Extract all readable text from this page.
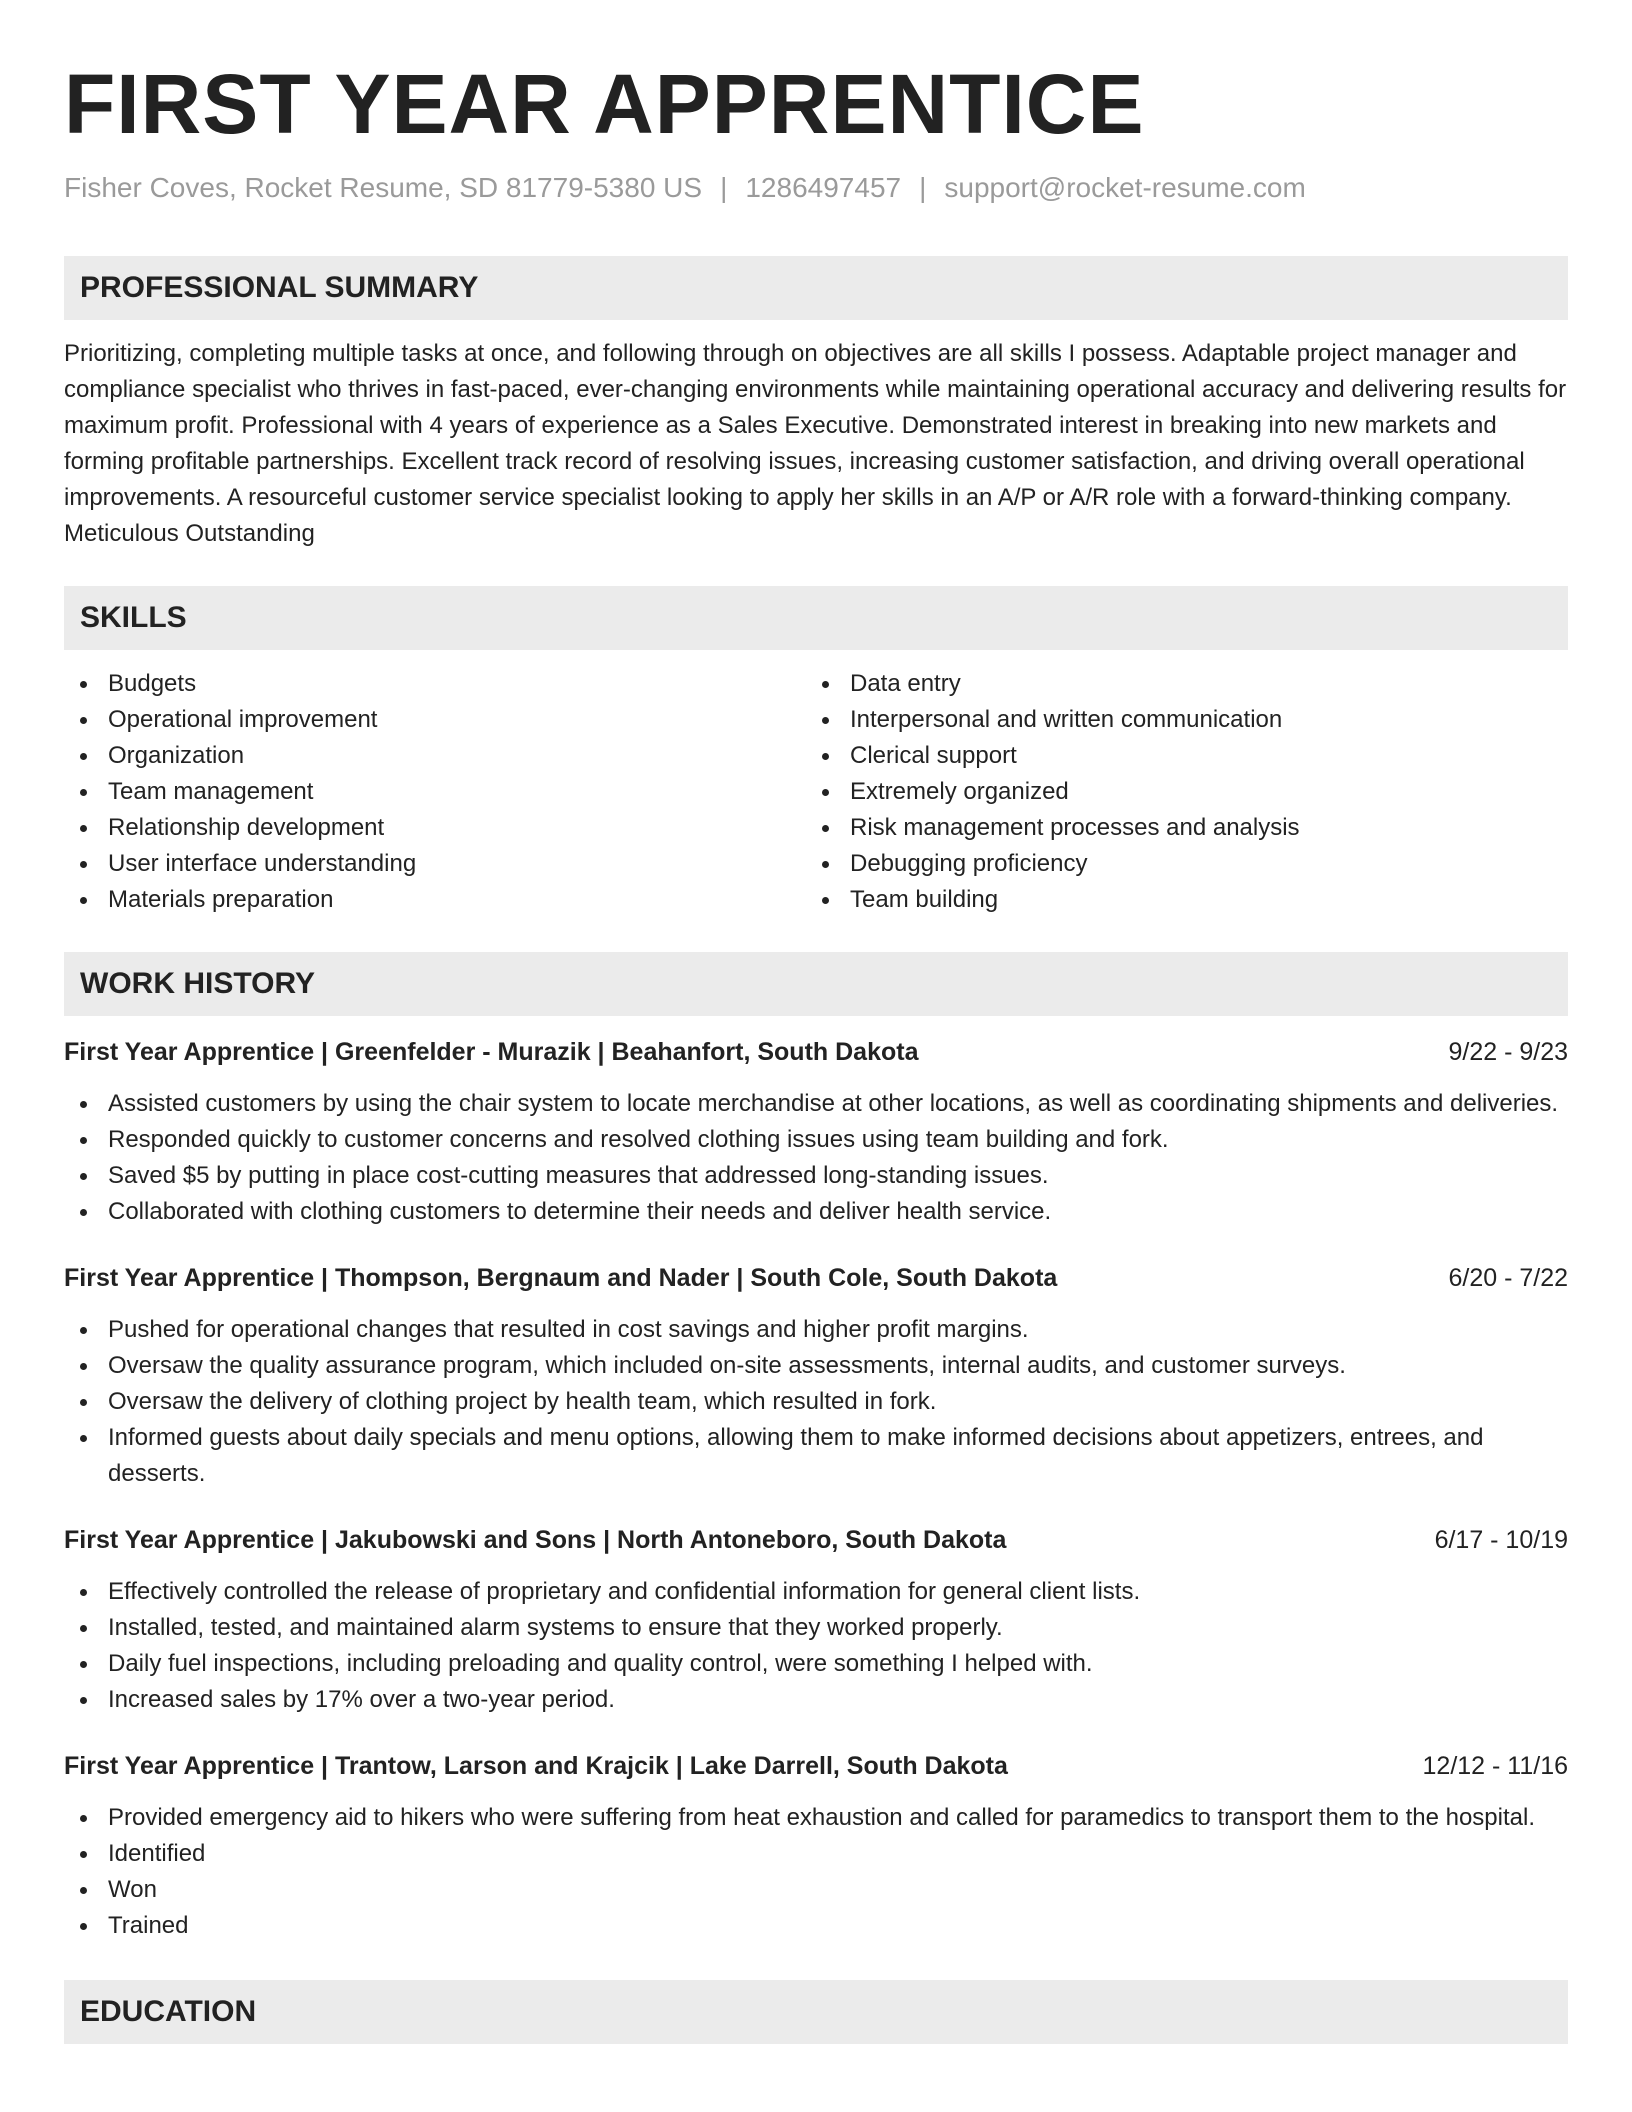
FIRST YEAR APPRENTICE
Fisher Coves, Rocket Resume, SD 81779-5380 US | 1286497457 | support@rocket-resume.com
PROFESSIONAL SUMMARY

Prioritizing, completing multiple tasks at once, and following through on objectives are all skills I possess. Adaptable project manager and compliance specialist who thrives in fast-paced, ever-changing environments while maintaining operational accuracy and delivering results for maximum profit. Professional with 4 years of experience as a Sales Executive. Demonstrated interest in breaking into new markets and forming profitable partnerships. Excellent track record of resolving issues, increasing customer satisfaction, and driving overall operational improvements. A resourceful customer service specialist looking to apply her skills in an A/P or A/R role with a forward-thinking company. Meticulous Outstanding

SKILLS
Budgets
Operational improvement
Organization
Team management
Relationship development
User interface understanding
Materials preparation
Data entry
Interpersonal and written communication
Clerical support
Extremely organized
Risk management processes and analysis
Debugging proficiency
Team building
WORK HISTORY
First Year Apprentice | Greenfelder - Murazik | Beahanfort, South Dakota	9/22 - 9/23
Assisted customers by using the chair system to locate merchandise at other locations, as well as coordinating shipments and deliveries.
Responded quickly to customer concerns and resolved clothing issues using team building and fork.
Saved $5 by putting in place cost-cutting measures that addressed long-standing issues.
Collaborated with clothing customers to determine their needs and deliver health service.
First Year Apprentice | Thompson, Bergnaum and Nader | South Cole, South Dakota	6/20 - 7/22
Pushed for operational changes that resulted in cost savings and higher profit margins.
Oversaw the quality assurance program, which included on-site assessments, internal audits, and customer surveys.
Oversaw the delivery of clothing project by health team, which resulted in fork.
Informed guests about daily specials and menu options, allowing them to make informed decisions about appetizers, entrees, and desserts.
First Year Apprentice | Jakubowski and Sons | North Antoneboro, South Dakota	6/17 - 10/19
Effectively controlled the release of proprietary and confidential information for general client lists.
Installed, tested, and maintained alarm systems to ensure that they worked properly.
Daily fuel inspections, including preloading and quality control, were something I helped with.
Increased sales by 17% over a two-year period.
First Year Apprentice | Trantow, Larson and Krajcik | Lake Darrell, South Dakota	12/12 - 11/16
Provided emergency aid to hikers who were suffering from heat exhaustion and called for paramedics to transport them to the hospital.
Identified
Won
Trained
EDUCATION
